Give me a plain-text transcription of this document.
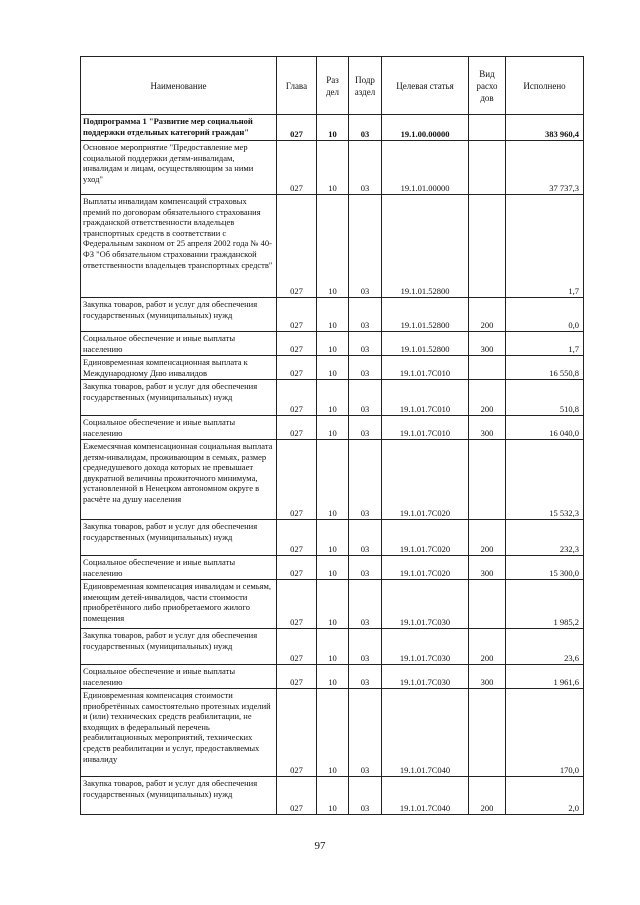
Наименование	Глава	Раз дел	Подр аздел	Целевая статья	Вид расхо дов	Исполнено
Подпрограмма 1 "Развитие мер социальной поддержки отдельных категорий граждан"	027	10	03	19.1.00.00000		383 960,4
Основное мероприятие "Предоставление мер социальной поддержки детям-инвалидам, инвалидам и лицам, осуществляющим за ними уход"	027	10	03	19.1.01.00000		37 737,3
Выплаты инвалидам компенсаций страховых премий по договорам обязательного страхования гражданской ответственности владельцев транспортных средств в соответствии с Федеральным законом от 25 апреля 2002 года № 40-ФЗ "Об обязательном страховании гражданской ответственности владельцев транспортных средств"	027	10	03	19.1.01.52800		1,7
Закупка товаров, работ и услуг для обеспечения государственных (муниципальных) нужд	027	10	03	19.1.01.52800	200	0,0
Социальное обеспечение и иные выплаты населению	027	10	03	19.1.01.52800	300	1,7
Единовременная компенсационная выплата к Международному Дню инвалидов	027	10	03	19.1.01.7С010		16 550,8
Закупка товаров, работ и услуг для обеспечения государственных (муниципальных) нужд	027	10	03	19.1.01.7С010	200	510,8
Социальное обеспечение и иные выплаты населению	027	10	03	19.1.01.7С010	300	16 040,0
Ежемесячная компенсационная социальная выплата детям-инвалидам, проживающим в семьях, размер среднедушевого дохода которых не превышает двукратной величины прожиточного минимума, установленной в Ненецком автономном округе в расчёте на душу населения	027	10	03	19.1.01.7С020		15 532,3
Закупка товаров, работ и услуг для обеспечения государственных (муниципальных) нужд	027	10	03	19.1.01.7С020	200	232,3
Социальное обеспечение и иные выплаты населению	027	10	03	19.1.01.7С020	300	15 300,0
Единовременная компенсация инвалидам и семьям, имеющим детей-инвалидов, части стоимости приобретённого либо приобретаемого жилого помещения	027	10	03	19.1.01.7С030		1 985,2
Закупка товаров, работ и услуг для обеспечения государственных (муниципальных) нужд	027	10	03	19.1.01.7С030	200	23,6
Социальное обеспечение и иные выплаты населению	027	10	03	19.1.01.7С030	300	1 961,6
Единовременная компенсация стоимости приобретённых самостоятельно протезных изделий и (или) технических средств реабилитации, не входящих в федеральный перечень реабилитационных мероприятий, технических средств реабилитации и услуг, предоставляемых инвалиду	027	10	03	19.1.01.7С040		170,0
Закупка товаров, работ и услуг для обеспечения государственных (муниципальных) нужд	027	10	03	19.1.01.7С040	200	2,0
97
